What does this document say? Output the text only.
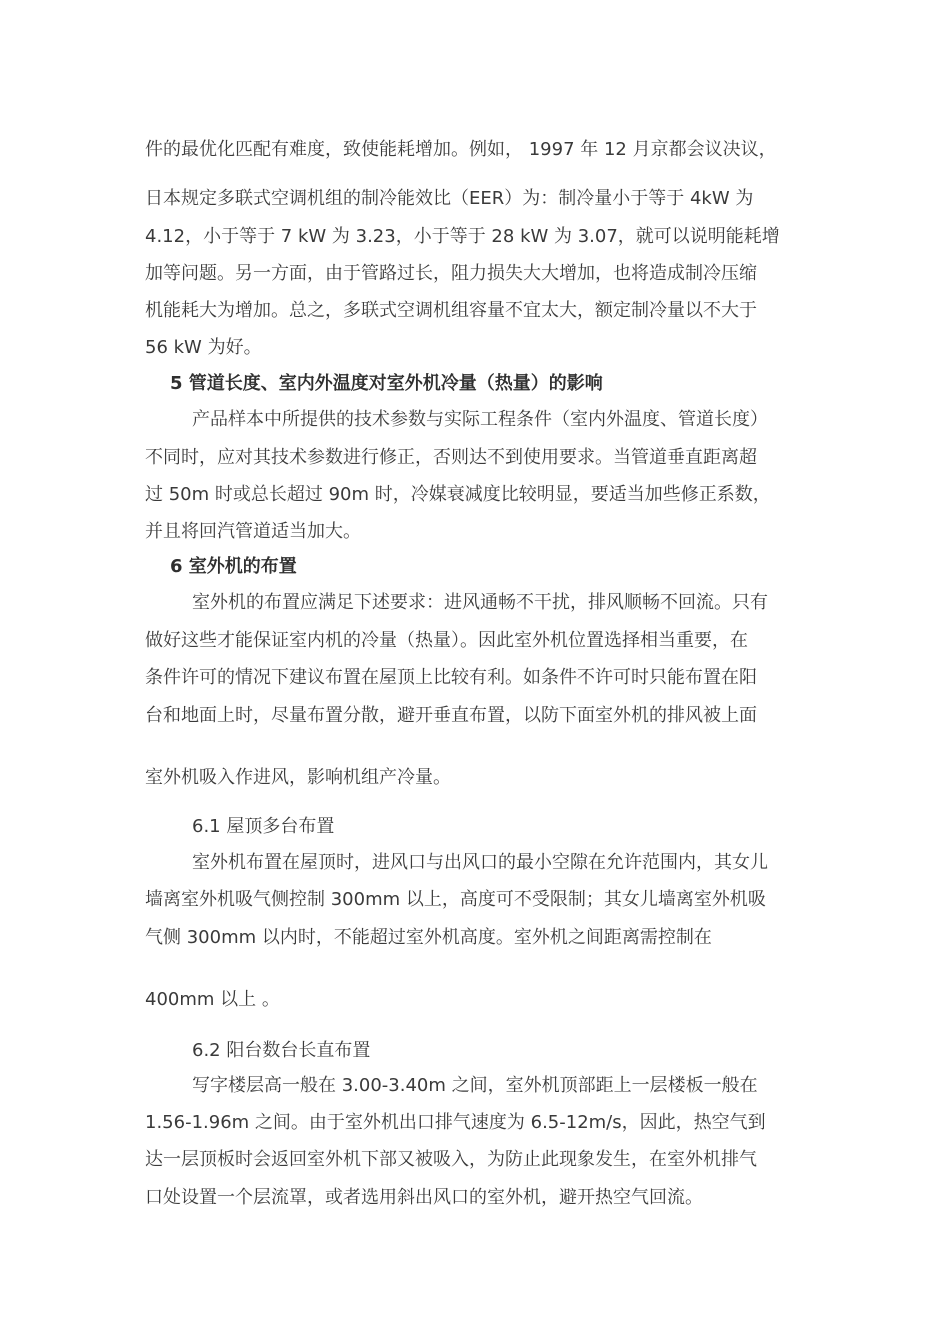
件的最优化匹配有难度，致使能耗增加。例如， 1997 年 12 月京都会议决议，
日本规定多联式空调机组的制冷能效比（EER）为：制冷量小于等于 4kW 为
4.12，小于等于 7 kW 为 3.23，小于等于 28 kW 为 3.07，就可以说明能耗增
加等问题。另一方面，由于管路过长，阻力损失大大增加，也将造成制冷压缩
机能耗大为增加。总之，多联式空调机组容量不宜太大，额定制冷量以不大于
56 kW 为好。
5 管道长度、室内外温度对室外机冷量（热量）的影响
产品样本中所提供的技术参数与实际工程条件（室内外温度、管道长度）
不同时，应对其技术参数进行修正，否则达不到使用要求。当管道垂直距离超
过 50m 时或总长超过 90m 时，冷媒衰减度比较明显，要适当加些修正系数，
并且将回汽管道适当加大。
6 室外机的布置
室外机的布置应满足下述要求：进风通畅不干扰，排风顺畅不回流。只有
做好这些才能保证室内机的冷量（热量）。因此室外机位置选择相当重要，在
条件许可的情况下建议布置在屋顶上比较有利。如条件不许可时只能布置在阳
台和地面上时，尽量布置分散，避开垂直布置，以防下面室外机的排风被上面
室外机吸入作进风，影响机组产冷量。
6.1 屋顶多台布置
室外机布置在屋顶时，进风口与出风口的最小空隙在允许范围内，其女儿
墙离室外机吸气侧控制 300mm 以上，高度可不受限制；其女儿墙离室外机吸
气侧 300mm 以内时，不能超过室外机高度。室外机之间距离需控制在
400mm 以上 。
6.2 阳台数台长直布置
写字楼层高一般在 3.00-3.40m 之间，室外机顶部距上一层楼板一般在
1.56-1.96m 之间。由于室外机出口排气速度为 6.5-12m/s，因此，热空气到
达一层顶板时会返回室外机下部又被吸入，为防止此现象发生，在室外机排气
口处设置一个层流罩，或者选用斜出风口的室外机，避开热空气回流。
